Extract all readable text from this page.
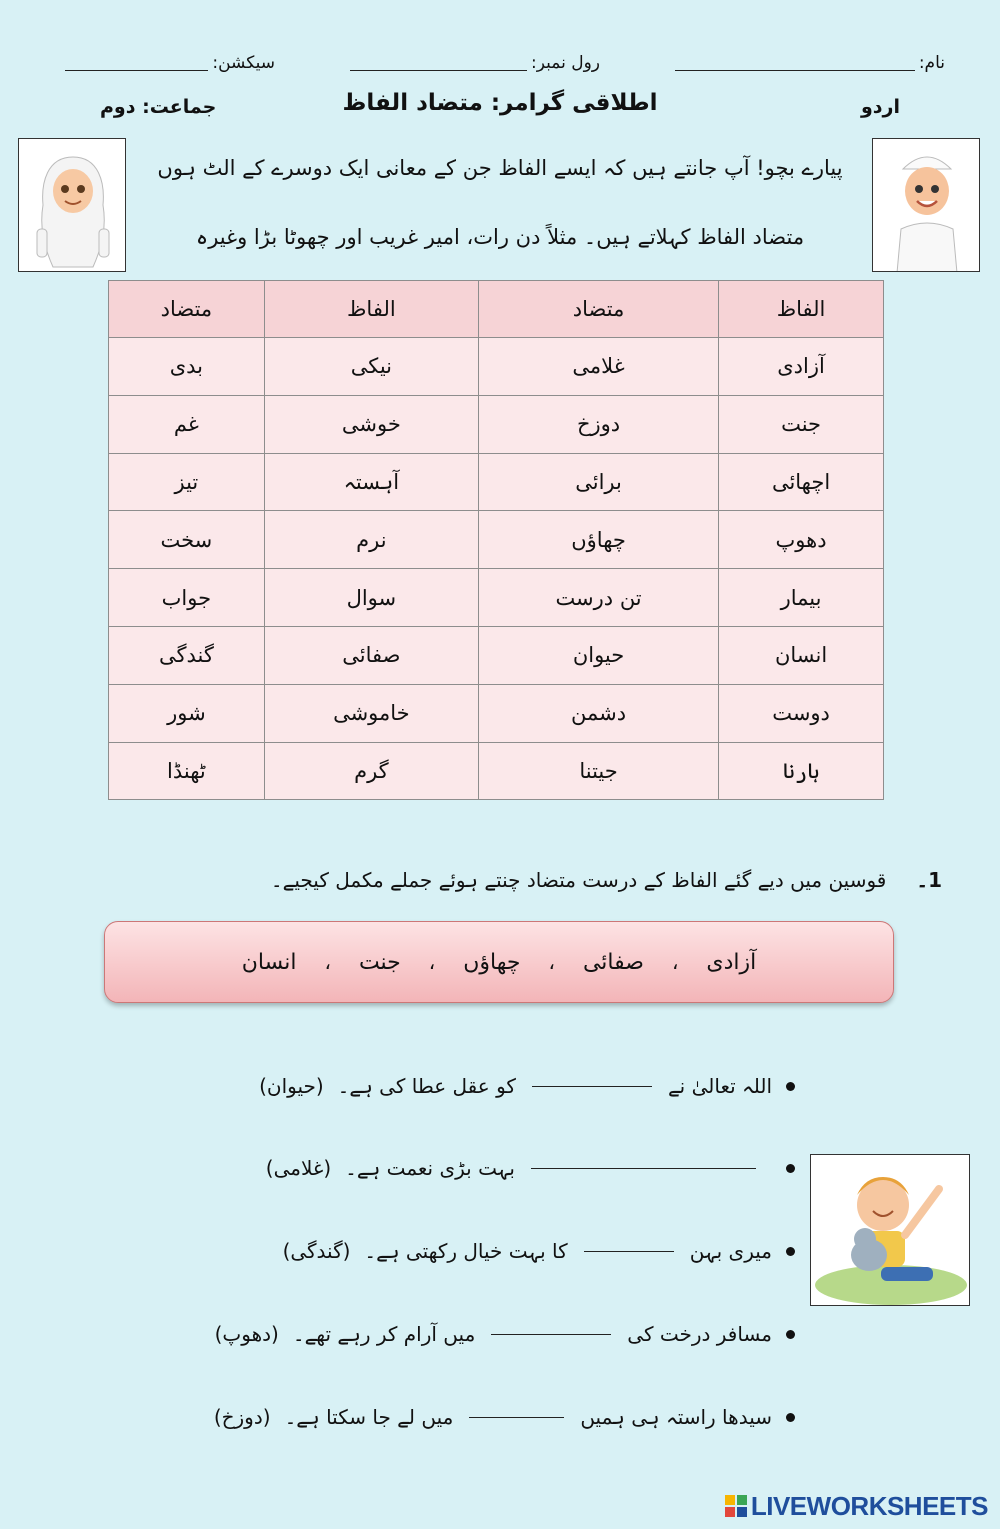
نام:
رول نمبر:
سیکشن:
اردو
اطلاقی گرامر: متضاد الفاظ
جماعت: دوم
پیارے بچو! آپ جانتے ہیں کہ ایسے الفاظ جن کے معانی ایک دوسرے کے الٹ ہوں
متضاد الفاظ کہلاتے ہیں۔ مثلاً دن رات، امیر غریب اور چھوٹا بڑا وغیرہ
الفاظ	متضاد	الفاظ	متضاد
آزادی	غلامی	نیکی	بدی
جنت	دوزخ	خوشی	غم
اچھائی	برائی	آہستہ	تیز
دھوپ	چھاؤں	نرم	سخت
بیمار	تن درست	سوال	جواب
انسان	حیوان	صفائی	گندگی
دوست	دشمن	خاموشی	شور
ہارنا	جیتنا	گرم	ٹھنڈا
1۔
قوسین میں دیے گئے الفاظ کے درست متضاد چنتے ہوئے جملے مکمل کیجیے۔
آزادی
،
صفائی
،
چھاؤں
،
جنت
،
انسان
اللہ تعالیٰ نے
کو عقل عطا کی ہے۔
(حیوان)
بہت بڑی نعمت ہے۔
(غلامی)
میری بہن
کا بہت خیال رکھتی ہے۔
(گندگی)
مسافر درخت کی
میں آرام کر رہے تھے۔
(دھوپ)
سیدھا راستہ ہی ہمیں
میں لے جا سکتا ہے۔
(دوزخ)
LIVEWORKSHEETS
